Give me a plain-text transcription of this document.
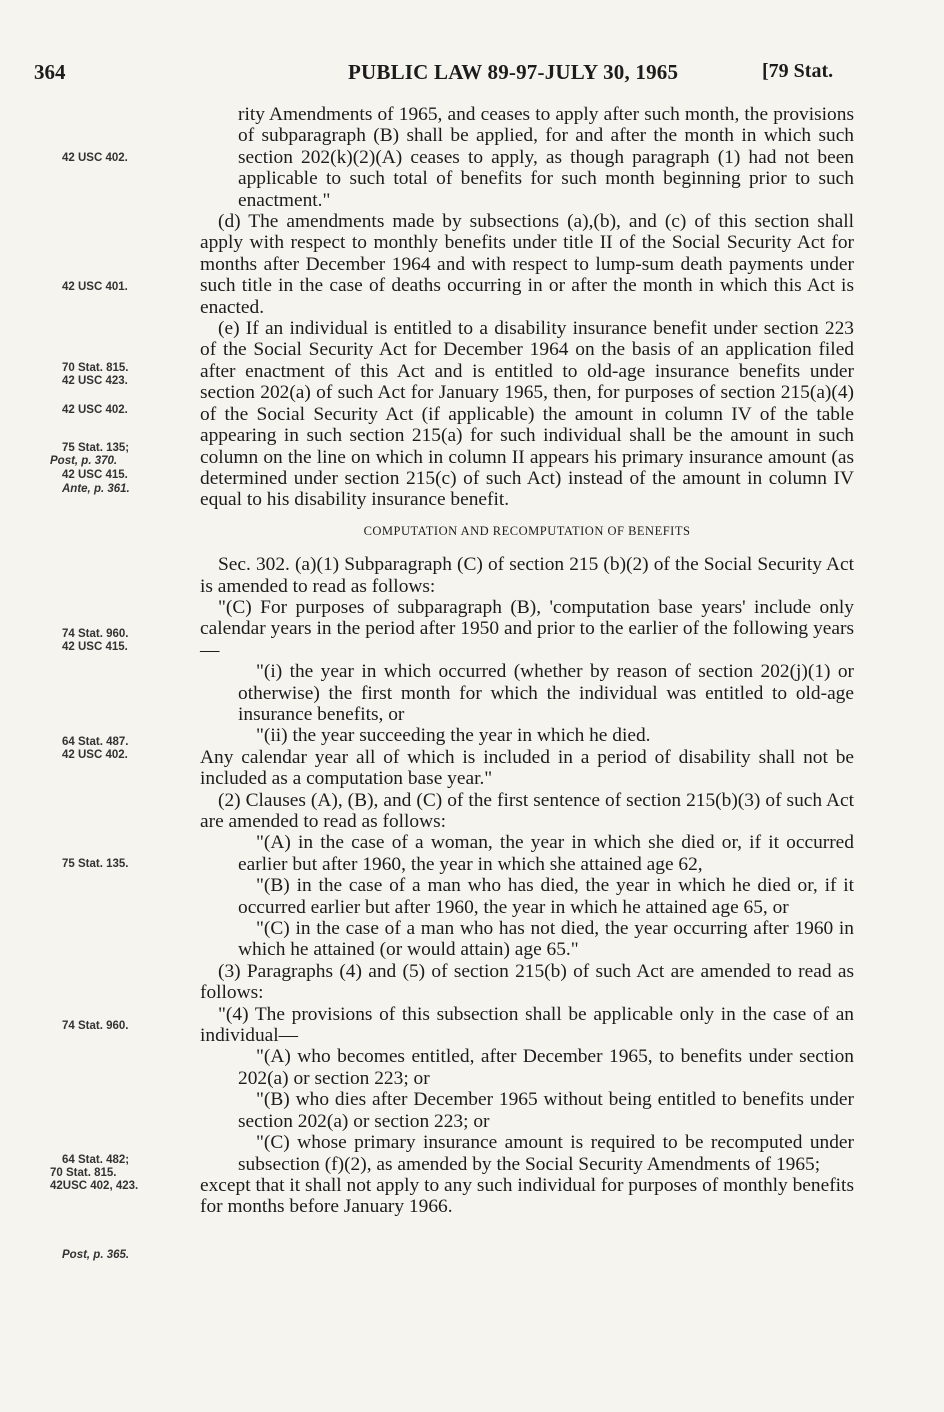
364	PUBLIC LAW 89-97-JULY 30, 1965	[79 Stat.
42 USC 402.
42 USC 401.
70 Stat. 815.
42 USC 423.
42 USC 402.
75 Stat. 135;
Post, p. 370.
42 USC 415.
Ante, p. 361.
74 Stat. 960.
42 USC 415.
64 Stat. 487.
42 USC 402.
75 Stat. 135.
74 Stat. 960.
64 Stat. 482;
70 Stat. 815.
42USC 402, 423.
Post, p. 365.

rity Amendments of 1965, and ceases to apply after such month, the provisions of subparagraph (B) shall be applied, for and after the month in which such section 202(k)(2)(A) ceases to apply, as though paragraph (1) had not been applicable to such total of benefits for such month beginning prior to such enactment."

(d) The amendments made by subsections (a),(b), and (c) of this section shall apply with respect to monthly benefits under title II of the Social Security Act for months after December 1964 and with respect to lump-sum death payments under such title in the case of deaths occurring in or after the month in which this Act is enacted.

(e) If an individual is entitled to a disability insurance benefit under section 223 of the Social Security Act for December 1964 on the basis of an application filed after enactment of this Act and is entitled to old-age insurance benefits under section 202(a) of such Act for January 1965, then, for purposes of section 215(a)(4) of the Social Security Act (if applicable) the amount in column IV of the table appearing in such section 215(a) for such individual shall be the amount in such column on the line on which in column II appears his primary insurance amount (as determined under section 215(c) of such Act) instead of the amount in column IV equal to his disability insurance benefit.

COMPUTATION AND RECOMPUTATION OF BENEFITS

Sec. 302. (a)(1) Subparagraph (C) of section 215 (b)(2) of the Social Security Act is amended to read as follows:

"(C) For purposes of subparagraph (B), 'computation base years' include only calendar years in the period after 1950 and prior to the earlier of the following years—

"(i) the year in which occurred (whether by reason of section 202(j)(1) or otherwise) the first month for which the individual was entitled to old-age insurance benefits, or

"(ii) the year succeeding the year in which he died.

Any calendar year all of which is included in a period of disability shall not be included as a computation base year."

(2) Clauses (A), (B), and (C) of the first sentence of section 215(b)(3) of such Act are amended to read as follows:

"(A) in the case of a woman, the year in which she died or, if it occurred earlier but after 1960, the year in which she attained age 62,

"(B) in the case of a man who has died, the year in which he died or, if it occurred earlier but after 1960, the year in which he attained age 65, or

"(C) in the case of a man who has not died, the year occurring after 1960 in which he attained (or would attain) age 65."

(3) Paragraphs (4) and (5) of section 215(b) of such Act are amended to read as follows:

"(4) The provisions of this subsection shall be applicable only in the case of an individual—

"(A) who becomes entitled, after December 1965, to benefits under section 202(a) or section 223; or

"(B) who dies after December 1965 without being entitled to benefits under section 202(a) or section 223; or

"(C) whose primary insurance amount is required to be recomputed under subsection (f)(2), as amended by the Social Security Amendments of 1965;

except that it shall not apply to any such individual for purposes of monthly benefits for months before January 1966.
